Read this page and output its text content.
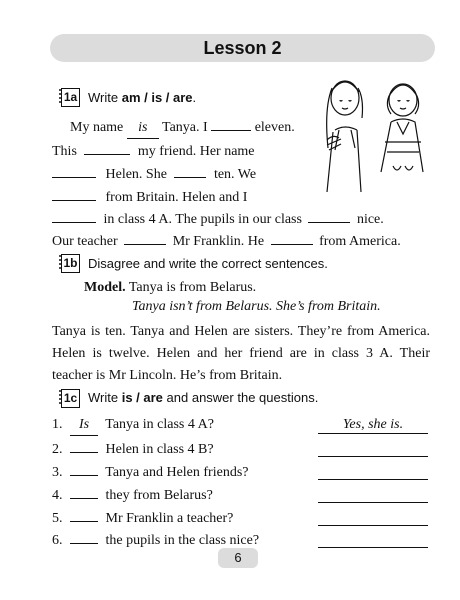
Lesson 2
1a Write am / is / are.
My name is Tanya. I	eleven.
This	my friend. Her name
Helen. She	ten. We
from Britain. Helen and I
in class 4 A. The pupils in our class	nice.
Our teacher	Mr Franklin. He	from America.
1b Disagree and write the correct sentences.
Model. Tanya is from Belarus.
Tanya isn’t from Belarus. She’s from Britain.
Tanya is ten. Tanya and Helen are sisters. They’re from America. Helen is twelve. Helen and her friend are in class 3 A. Their teacher is Mr Lincoln. He’s from Britain.
1c Write is / are and answer the questions.
1. Is Tanya in class 4 A?	Yes, she is.
2.	Helen in class 4 B?
3.	Tanya and Helen friends?
4.	they from Belarus?
5.	Mr Franklin a teacher?
6.	the pupils in the class nice?
6
